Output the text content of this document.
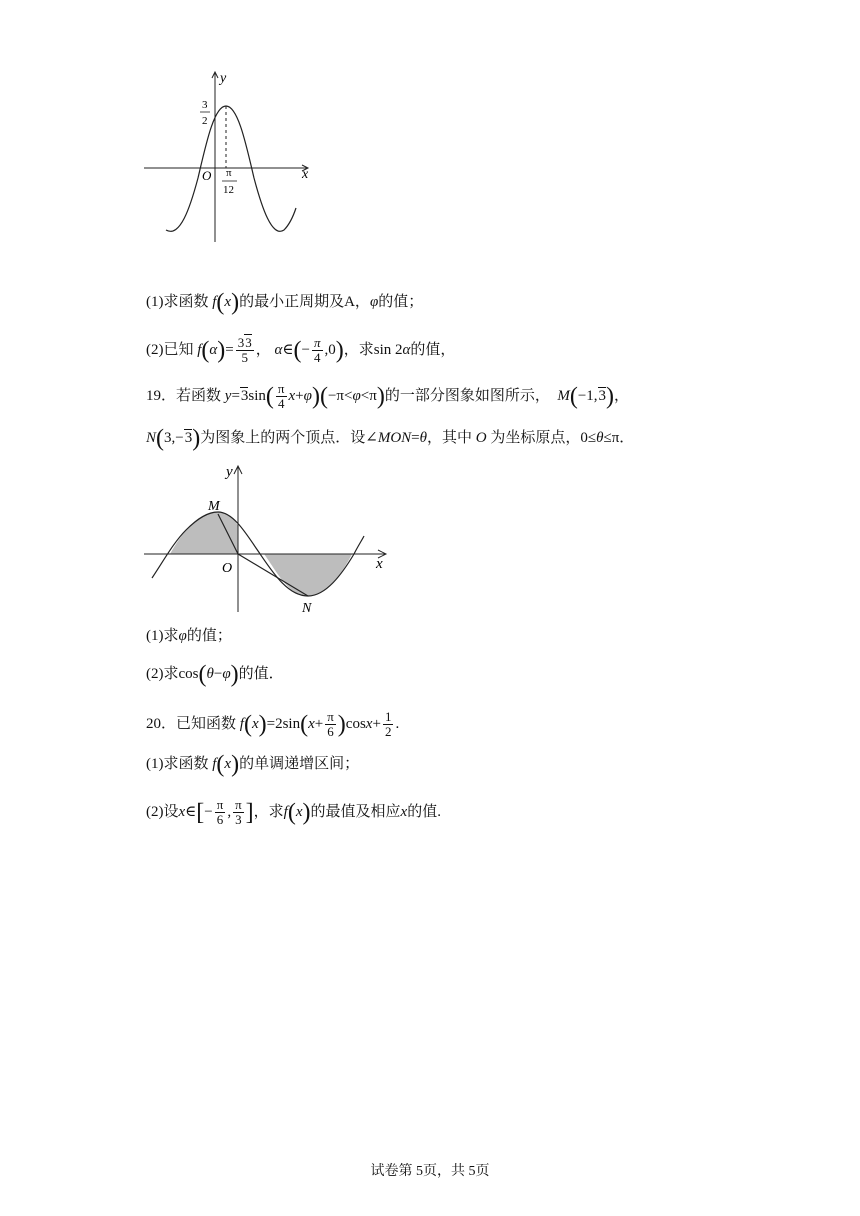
y
x
O
3
2
π
12
(1)求函数 f(x)的最小正周期及A，φ的值；
(2)已知 $f(\alpha)= \frac{33}{5}$ ， α∈(− $\frac{\pi}{4} ,0$)，求sin 2α的值，
19．若函数 $y=3\sin( \frac{\pi}{4} x+\varphi)(-\pi<\varphi<\pi)$的一部分图象如图所示， M(−1,3)，
N(3,−3)为图象上的两个顶点．设∠MON=θ，其中 O 为坐标原点，0≤θ≤π．
y
x
O
M
N
(1)求φ的值；
(2)求cos(θ−φ)的值．
20．已知函数 $f(x)=2\sin(x+ \frac{\pi}{6} )\cos x+ \frac{1}{2}$ .
(1)求函数 f(x)的单调递增区间；
(2)设x∈[− $\frac{\pi}{6}$ , $\frac{\pi}{3}$ ]，求f(x)的最值及相应x的值.
试卷第 5页，共 5页
